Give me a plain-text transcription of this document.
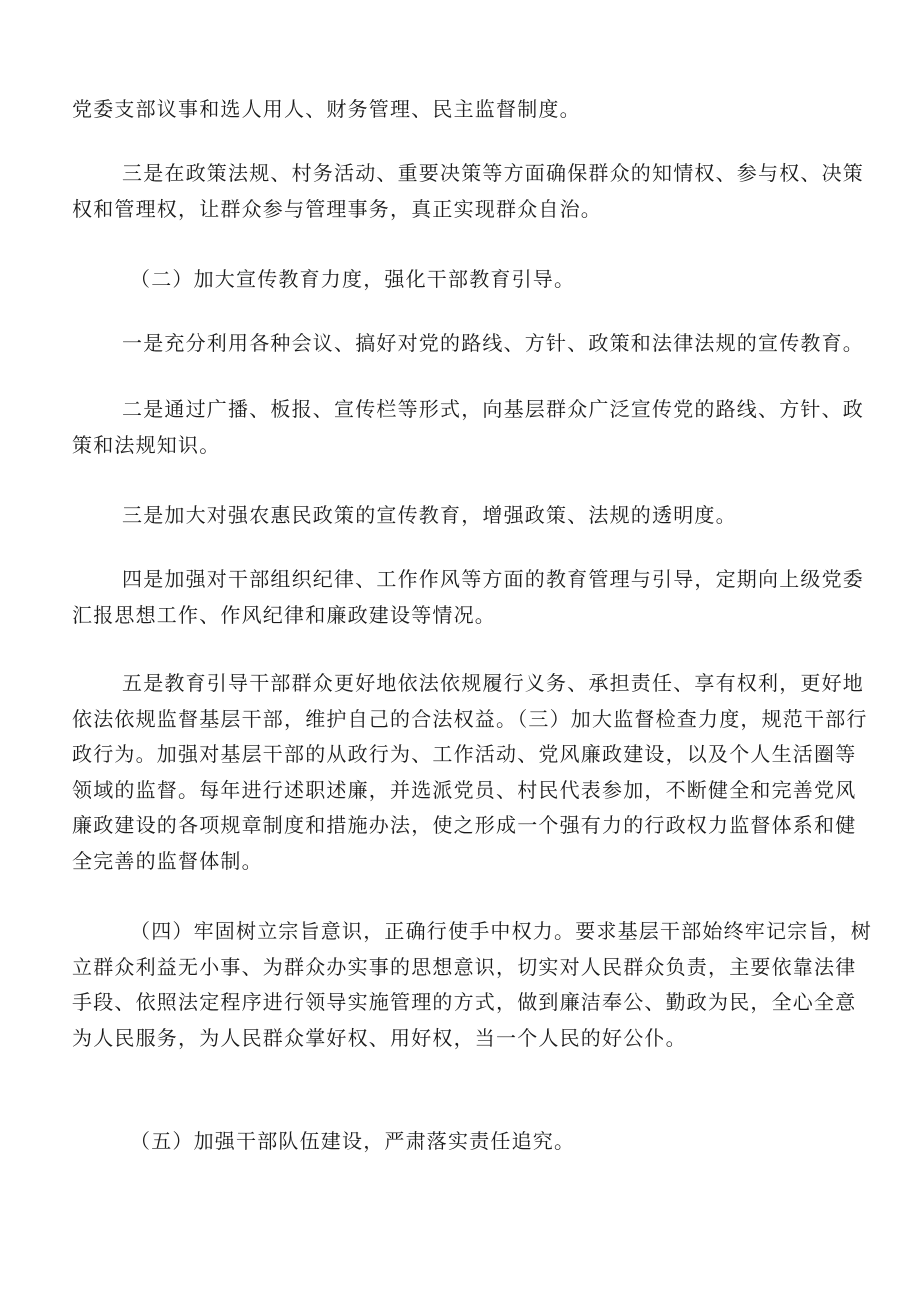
党委支部议事和选人用人、财务管理、民主监督制度。

三是在政策法规、村务活动、重要决策等方面确保群众的知情权、参与权、决策权和管理权，让群众参与管理事务，真正实现群众自治。

（二）加大宣传教育力度，强化干部教育引导。

一是充分利用各种会议、搞好对党的路线、方针、政策和法律法规的宣传教育。

二是通过广播、板报、宣传栏等形式，向基层群众广泛宣传党的路线、方针、政策和法规知识。

三是加大对强农惠民政策的宣传教育，增强政策、法规的透明度。

四是加强对干部组织纪律、工作作风等方面的教育管理与引导，定期向上级党委汇报思想工作、作风纪律和廉政建设等情况。

五是教育引导干部群众更好地依法依规履行义务、承担责任、享有权利，更好地依法依规监督基层干部，维护自己的合法权益。（三）加大监督检查力度，规范干部行政行为。加强对基层干部的从政行为、工作活动、党风廉政建设，以及个人生活圈等领域的监督。每年进行述职述廉，并选派党员、村民代表参加，不断健全和完善党风廉政建设的各项规章制度和措施办法，使之形成一个强有力的行政权力监督体系和健全完善的监督体制。

（四）牢固树立宗旨意识，正确行使手中权力。要求基层干部始终牢记宗旨，树立群众利益无小事、为群众办实事的思想意识，切实对人民群众负责，主要依靠法律手段、依照法定程序进行领导实施管理的方式，做到廉洁奉公、勤政为民，全心全意为人民服务，为人民群众掌好权、用好权，当一个人民的好公仆。

（五）加强干部队伍建设，严肃落实责任追究。
